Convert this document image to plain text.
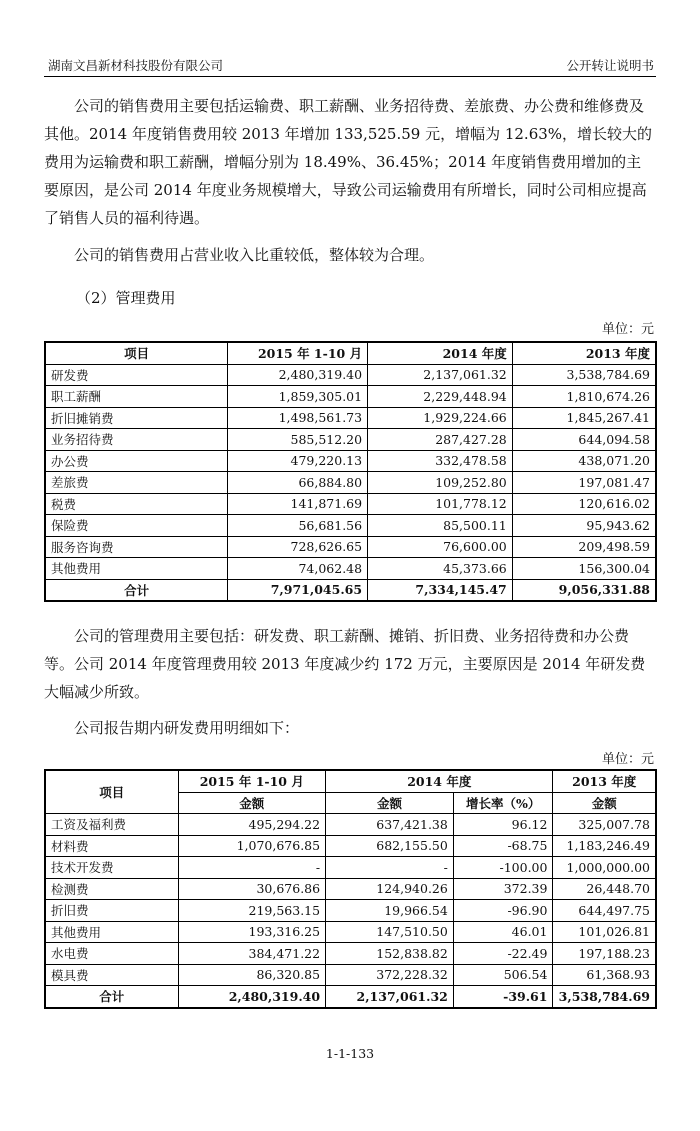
湖南文昌新材科技股份有限公司	公开转让说明书

公司的销售费用主要包括运输费、职工薪酬、业务招待费、差旅费、办公费和维修费及其他。2014 年度销售费用较 2013 年增加 133,525.59 元，增幅为 12.63%，增长较大的费用为运输费和职工薪酬，增幅分别为 18.49%、36.45%；2014 年度销售费用增加的主要原因，是公司 2014 年度业务规模增大，导致公司运输费用有所增长，同时公司相应提高了销售人员的福利待遇。

公司的销售费用占营业收入比重较低，整体较为合理。

（2）管理费用
单位：元
项目	2015 年 1-10 月	2014 年度	2013 年度
研发费	2,480,319.40	2,137,061.32	3,538,784.69
职工薪酬	1,859,305.01	2,229,448.94	1,810,674.26
折旧摊销费	1,498,561.73	1,929,224.66	1,845,267.41
业务招待费	585,512.20	287,427.28	644,094.58
办公费	479,220.13	332,478.58	438,071.20
差旅费	66,884.80	109,252.80	197,081.47
税费	141,871.69	101,778.12	120,616.02
保险费	56,681.56	85,500.11	95,943.62
服务咨询费	728,626.65	76,600.00	209,498.59
其他费用	74,062.48	45,373.66	156,300.04
合计	7,971,045.65	7,334,145.47	9,056,331.88

公司的管理费用主要包括：研发费、职工薪酬、摊销、折旧费、业务招待费和办公费等。公司 2014 年度管理费用较 2013 年度减少约 172 万元，主要原因是 2014 年研发费大幅减少所致。

公司报告期内研发费用明细如下：

单位：元
项目	2015 年 1-10 月	2014 年度		2013 年度
	金额	金额	增长率（%）	金额
工资及福利费	495,294.22	637,421.38	96.12	325,007.78
材料费	1,070,676.85	682,155.50	-68.75	1,183,246.49
技术开发费	-	-	-100.00	1,000,000.00
检测费	30,676.86	124,940.26	372.39	26,448.70
折旧费	219,563.15	19,966.54	-96.90	644,497.75
其他费用	193,316.25	147,510.50	46.01	101,026.81
水电费	384,471.22	152,838.82	-22.49	197,188.23
模具费	86,320.85	372,228.32	506.54	61,368.93
合计	2,480,319.40	2,137,061.32	-39.61	3,538,784.69
1-1-133
